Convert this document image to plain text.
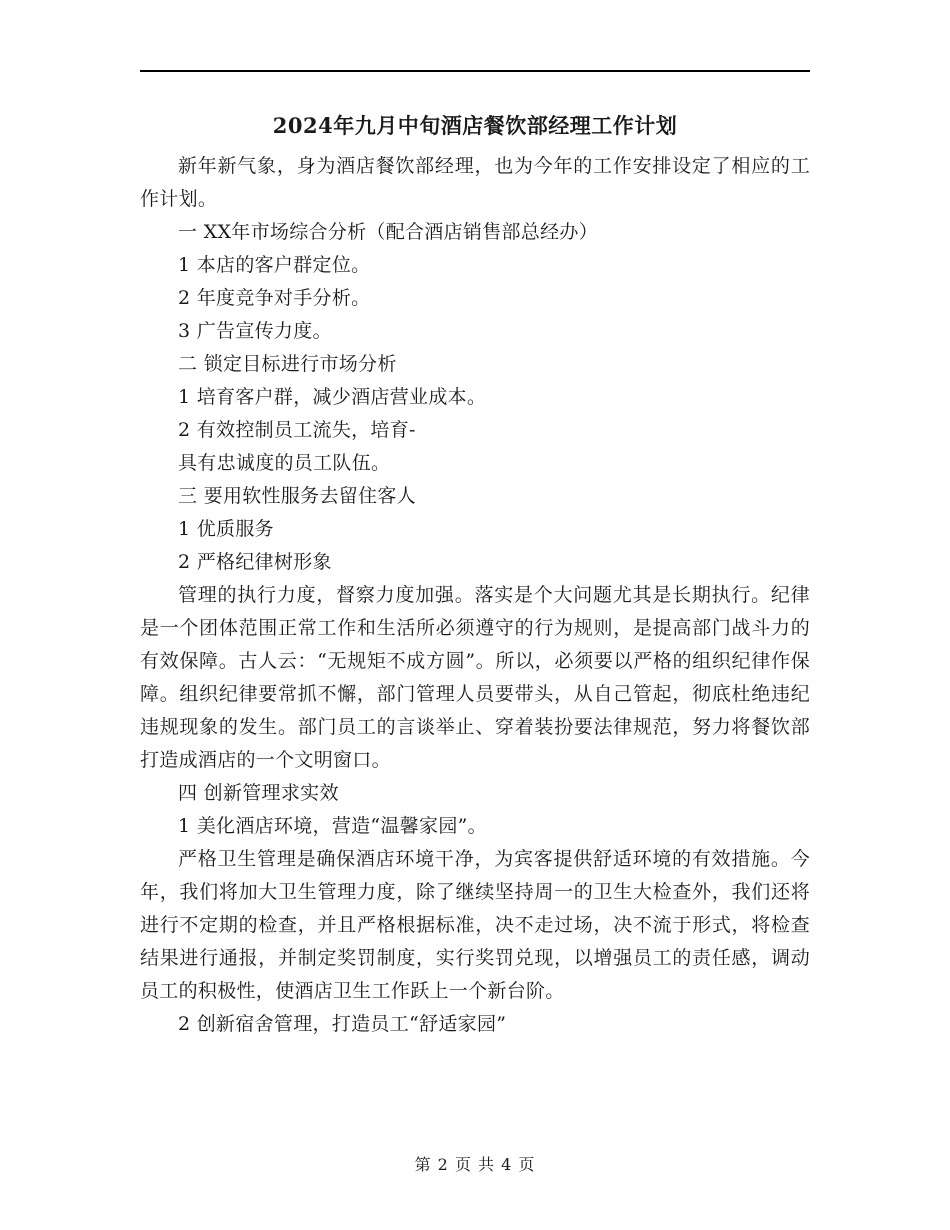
2024年九月中旬酒店餐饮部经理工作计划

新年新气象，身为酒店餐饮部经理，也为今年的工作安排设定了相应的工作计划。

一 XX年市场综合分析（配合酒店销售部总经办）

1 本店的客户群定位。

2 年度竞争对手分析。

3 广告宣传力度。

二 锁定目标进行市场分析

1 培育客户群，减少酒店营业成本。

2 有效控制员工流失，培育-

具有忠诚度的员工队伍。

三 要用软性服务去留住客人

1 优质服务

2 严格纪律树形象

管理的执行力度，督察力度加强。落实是个大问题尤其是长期执行。纪律是一个团体范围正常工作和生活所必须遵守的行为规则，是提高部门战斗力的有效保障。古人云：“无规矩不成方圆”。所以，必须要以严格的组织纪律作保障。组织纪律要常抓不懈，部门管理人员要带头，从自己管起，彻底杜绝违纪违规现象的发生。部门员工的言谈举止、穿着装扮要法律规范，努力将餐饮部打造成酒店的一个文明窗口。

四 创新管理求实效

1 美化酒店环境，营造“温馨家园”。

严格卫生管理是确保酒店环境干净，为宾客提供舒适环境的有效措施。今年，我们将加大卫生管理力度，除了继续坚持周一的卫生大检查外，我们还将进行不定期的检查，并且严格根据标准，决不走过场，决不流于形式，将检查结果进行通报，并制定奖罚制度，实行奖罚兑现，以增强员工的责任感，调动员工的积极性，使酒店卫生工作跃上一个新台阶。

2 创新宿舍管理，打造员工“舒适家园”

第 2 页 共 4 页
